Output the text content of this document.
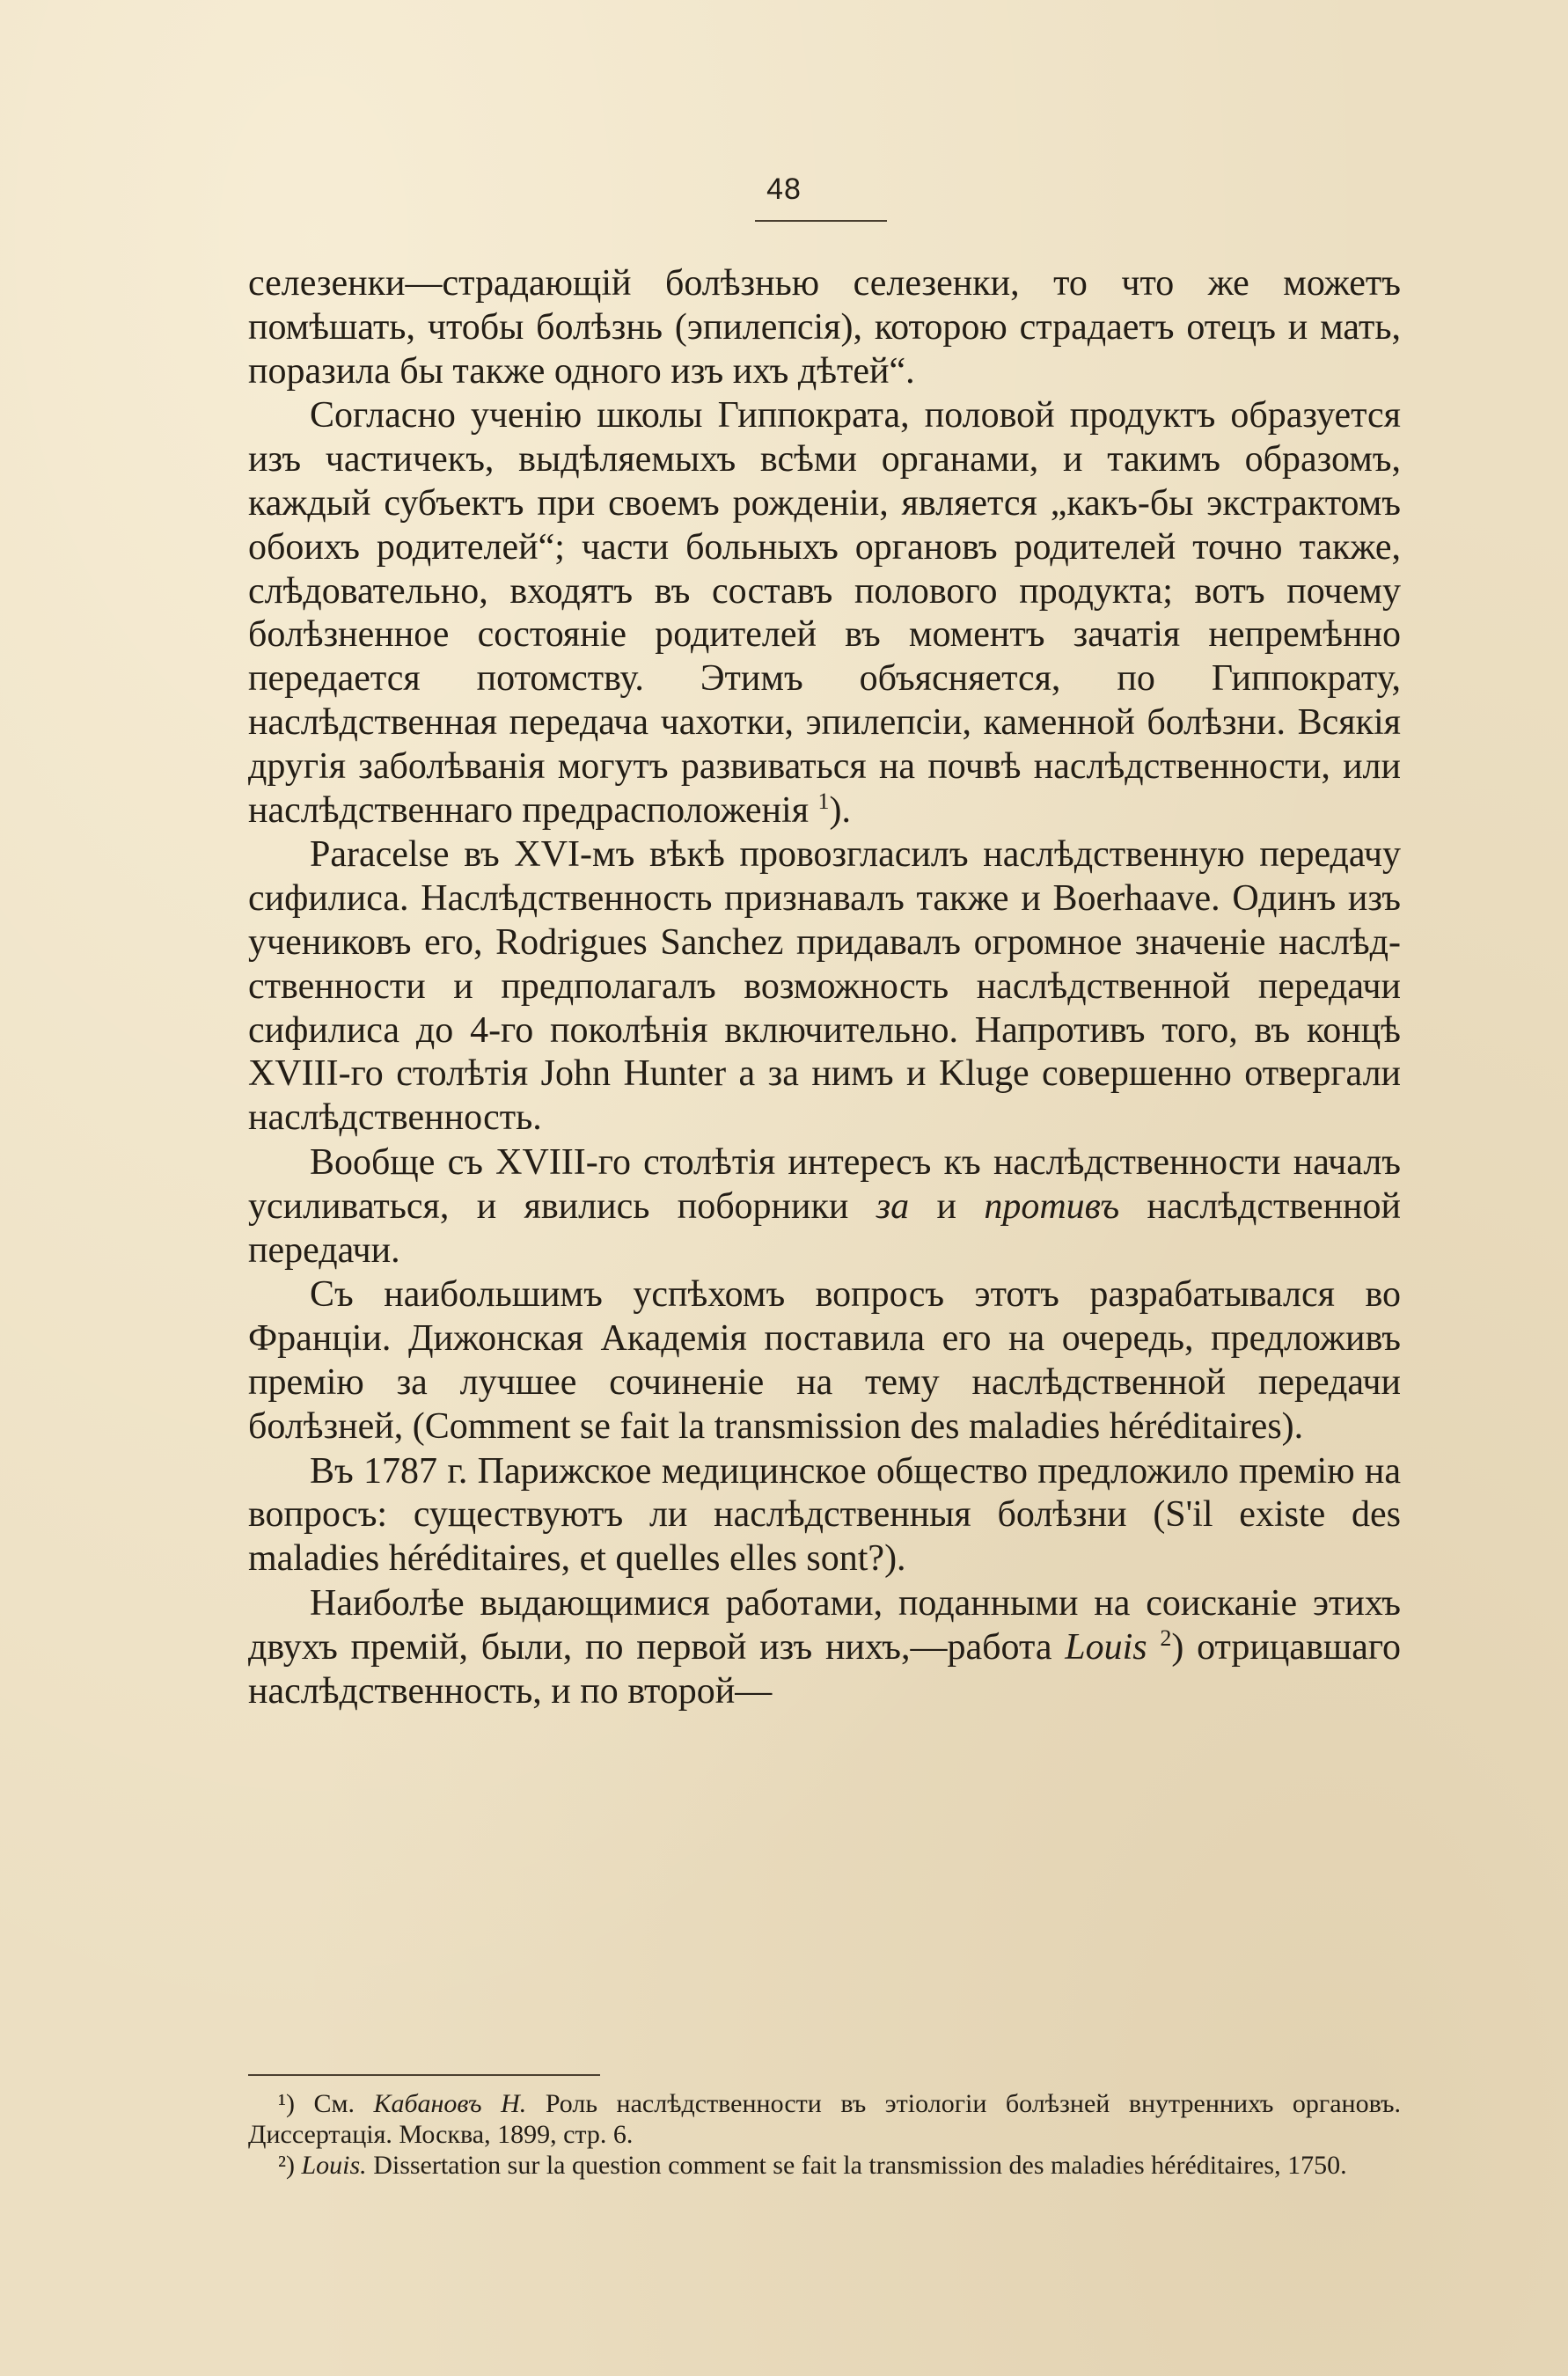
48

селезенки—страдающiй болѣзнью селезенки, то что же можетъ помѣшать, чтобы болѣзнь (эпилепсiя), которою страдаетъ отецъ и мать, поразила бы также одного изъ ихъ дѣтей“.

Согласно ученiю школы Гиппократа, половой продуктъ образуется изъ частичекъ, выдѣляемыхъ всѣми органами, и такимъ образомъ, каждый субъектъ при своемъ рожденiи, является „какъ-бы экстрактомъ обоихъ родителей“; части больныхъ органовъ родителей точно также, слѣдовательно, входятъ въ составъ полового продукта; вотъ почему болѣзненное состоянiе родителей въ моментъ зачатiя непремѣнно передается потомству. Этимъ объясняется, по Гиппократу, наслѣдственная передача чахотки, эпилепсiи, каменной болѣзни. Всякiя другiя заболѣванiя могутъ развиваться на почвѣ наслѣдственности, или наслѣдственнаго предрасположенiя $^1$).

Paracelse въ XVI-мъ вѣкѣ провозгласилъ наслѣдственную передачу сифилиса. Наслѣдственность признавалъ также и Boerhaave. Одинъ изъ учениковъ его, Rodrigues Sanchez придавалъ огромное значенiе наслѣдственности и предполагалъ возможность наслѣдственной передачи сифилиса до 4-го поколѣнiя включительно. Напротивъ того, въ концѣ XVIII-го столѣтiя John Hunter а за нимъ и Kluge совершенно отвергали наслѣдственность.

Вообще съ XVIII-го столѣтiя интересъ къ наслѣдственности началъ усиливаться, и явились поборники за и противъ наслѣдственной передачи.

Съ наибольшимъ успѣхомъ вопросъ этотъ разрабатывался во Францiи. Дижонская Академiя поставила его на очередь, предложивъ премiю за лучшее сочиненiе на тему наслѣдственной передачи болѣзней, (Comment se fait la transmission des maladies héréditaires).

Въ 1787 г. Парижское медицинское общество предложило премiю на вопросъ: существуютъ ли наслѣдственныя болѣзни (S'il existe des maladies héréditaires, et quelles elles sont?).

Наиболѣе выдающимися работами, поданными на соисканiе этихъ двухъ премiй, были, по первой изъ нихъ,—работа Louis $^2$) отрицавшаго наслѣдственность, и по второй—

¹) См. Кабановъ Н. Роль наслѣдственности въ этiологiи болѣзней внутреннихъ органовъ. Диссертацiя. Москва, 1899, стр. 6.

²) Louis. Dissertation sur la question comment se fait la transmission des maladies héréditaires, 1750.
